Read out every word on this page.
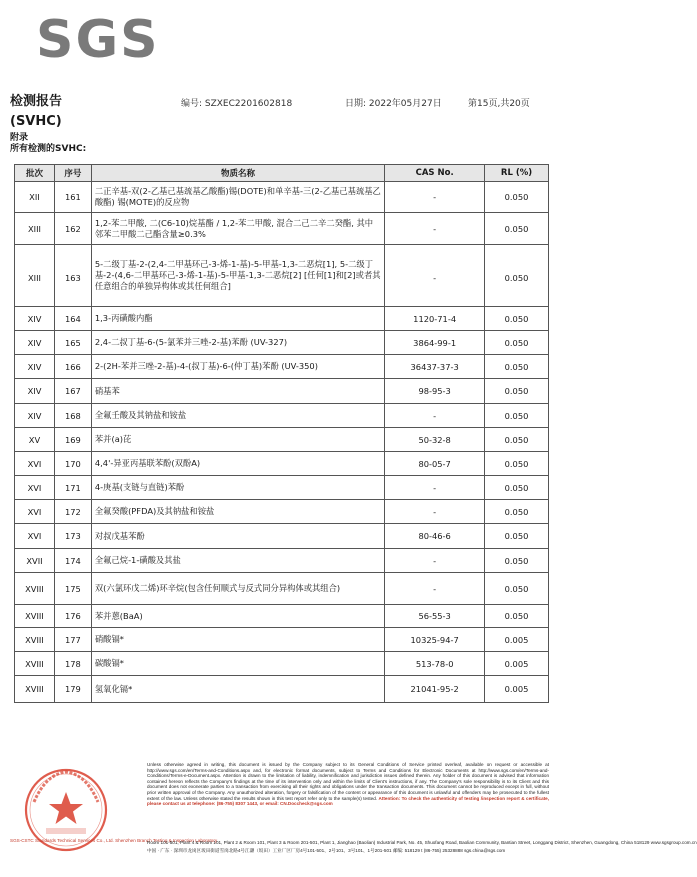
SGS
检测报告
(SVHC)
附录
所有检测的SVHC:
编号: SZXEC2201602818	日期: 2022年05月27日	第15页,共20页
批次	序号	物质名称	CAS No.	RL (%)
XII	161	二正辛基-双(2-乙基己基巯基乙酸酯)锡(DOTE)和单辛基-三(2-乙基己基巯基乙酸酯) 锡(MOTE)的反应物	-	0.050
XIII	162	1,2-苯二甲酸, 二(C6-10)烷基酯 / 1,2-苯二甲酸, 混合二己二辛二癸酯, 其中邻苯二甲酸二己酯含量≥0.3%	-	0.050
XIII	163	5-二级丁基-2-(2,4-二甲基环己-3-烯-1-基)-5-甲基-1,3-二恶烷[1], 5-二级丁基-2-(4,6-二甲基环己-3-烯-1-基)-5-甲基-1,3-二恶烷[2] [任何[1]和[2]或者其任意组合的单独异构体或其任何组合]	-	0.050
XIV	164	1,3-丙磺酸内酯	1120-71-4	0.050
XIV	165	2,4-二叔丁基-6-(5-氯苯并三唑-2-基)苯酚 (UV-327)	3864-99-1	0.050
XIV	166	2-(2H-苯并三唑-2-基)-4-(叔丁基)-6-(仲丁基)苯酚 (UV-350)	36437-37-3	0.050
XIV	167	硝基苯	98-95-3	0.050
XIV	168	全氟壬酸及其钠盐和铵盐	-	0.050
XV	169	苯并(a)芘	50-32-8	0.050
XVI	170	4,4'-异亚丙基联苯酚(双酚A)	80-05-7	0.050
XVI	171	4-庚基(支链与直链)苯酚	-	0.050
XVI	172	全氟癸酸(PFDA)及其钠盐和铵盐	-	0.050
XVI	173	对叔戊基苯酚	80-46-6	0.050
XVII	174	全氟己烷-1-磺酸及其盐	-	0.050
XVIII	175	双(六氯环戊二烯)环辛烷(包含任何顺式与反式同分异构体或其组合)	-	0.050
XVIII	176	苯并蒽(BaA)	56-55-3	0.050
XVIII	177	硝酸镉*	10325-94-7	0.005
XVIII	178	碳酸镉*	513-78-0	0.005
XVIII	179	氢氧化镉*	21041-95-2	0.005
SGS-CSTC Standards Technical Services Co., Ltd. Shenzhen Branch Testing & Inspection Laboratory
Unless otherwise agreed in writing, this document is issued by the Company subject to its General Conditions of Service printed overleaf, available on request or accessible at http://www.sgs.com/en/Terms-and-Conditions.aspx and, for electronic format documents, subject to Terms and Conditions for Electronic Documents at http://www.sgs.com/en/Terms-and-Conditions/Terms-e-Document.aspx. Attention is drawn to the limitation of liability, indemnification and jurisdiction issues defined therein. Any holder of this document is advised that information contained hereon reflects the Company's findings at the time of its intervention only and within the limits of Client's instructions, if any. The Company's sole responsibility is to its Client and this document does not exonerate parties to a transaction from exercising all their rights and obligations under the transaction documents. This document cannot be reproduced except in full, without prior written approval of the Company. Any unauthorized alteration, forgery or falsification of the content or appearance of this document is unlawful and offenders may be prosecuted to the fullest extent of the law. Unless otherwise stated the results shown in this test report refer only to the sample(s) tested. Attention: To check the authenticity of testing /inspection report & certificate, please contact us at telephone: (86-755) 8307 1443, or email: CN.Doccheck@sgs.com
Room 101-501, Plant 4 & Room 101, Plant 2 & Room 101, Plant 3 & Room 201-501, Plant 1, Jianghao (Baolian) Industrial Park, No. 45, Shuofang Road, Baolian Community, Bantian Street, Longgang District, Shenzhen, Guangdong, China 518129 www.sgsgroup.com.cn
中国 · 广东 · 深圳市龙岗区坂田街道雪岗北路4号江灏（坂田）工业厂区厂房4号101-501、2号101、3号101、1号201-501 邮编: 518129 t (86-755) 25328888 sgs.china@sgs.com
